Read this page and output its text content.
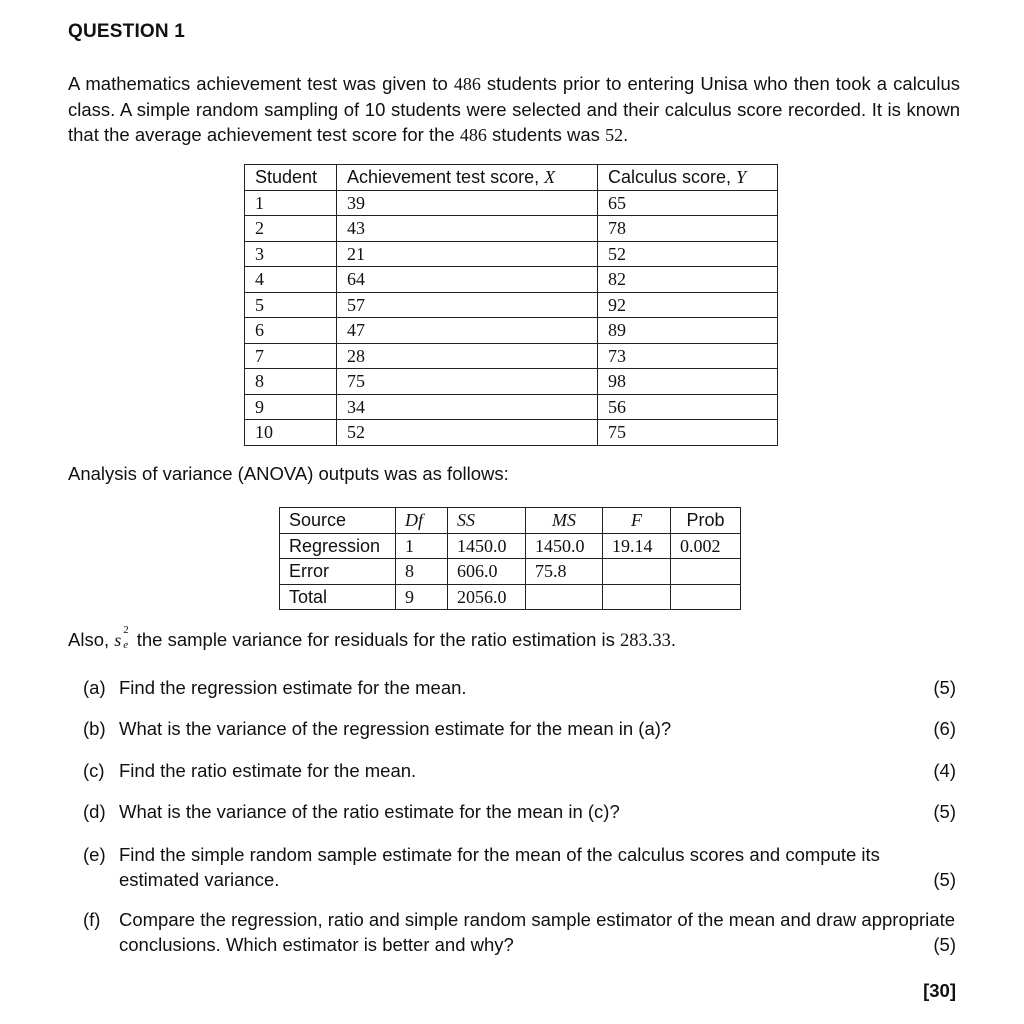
QUESTION 1
A mathematics achievement test was given to 486 students prior to entering Unisa who then took a calculus class. A simple random sampling of 10 students were selected and their calculus score recorded. It is known that the average achievement test score for the 486 students was 52.
Student	Achievement test score, X	Calculus score, Y
1	39	65
2	43	78
3	21	52
4	64	82
5	57	92
6	47	89
7	28	73
8	75	98
9	34	56
10	52	75
Analysis of variance (ANOVA) outputs was as follows:
Source	Df	SS	MS	F	Prob
Regression	1	1450.0	1450.0	19.14	0.002
Error	8	606.0	75.8		
Total	9	2056.0			
Also, s 2
e the sample variance for residuals for the ratio estimation is 283.33.
(a) Find the regression estimate for the mean.	(5)
(b) What is the variance of the regression estimate for the mean in (a)?	(6)
(c) Find the ratio estimate for the mean.	(4)
(d) What is the variance of the ratio estimate for the mean in (c)?	(5)
(e) Find the simple random sample estimate for the mean of the calculus scores and compute its estimated variance.	(5)
(f) Compare the regression, ratio and simple random sample estimator of the mean and draw appropriate conclusions. Which estimator is better and why?	(5)
[30]
